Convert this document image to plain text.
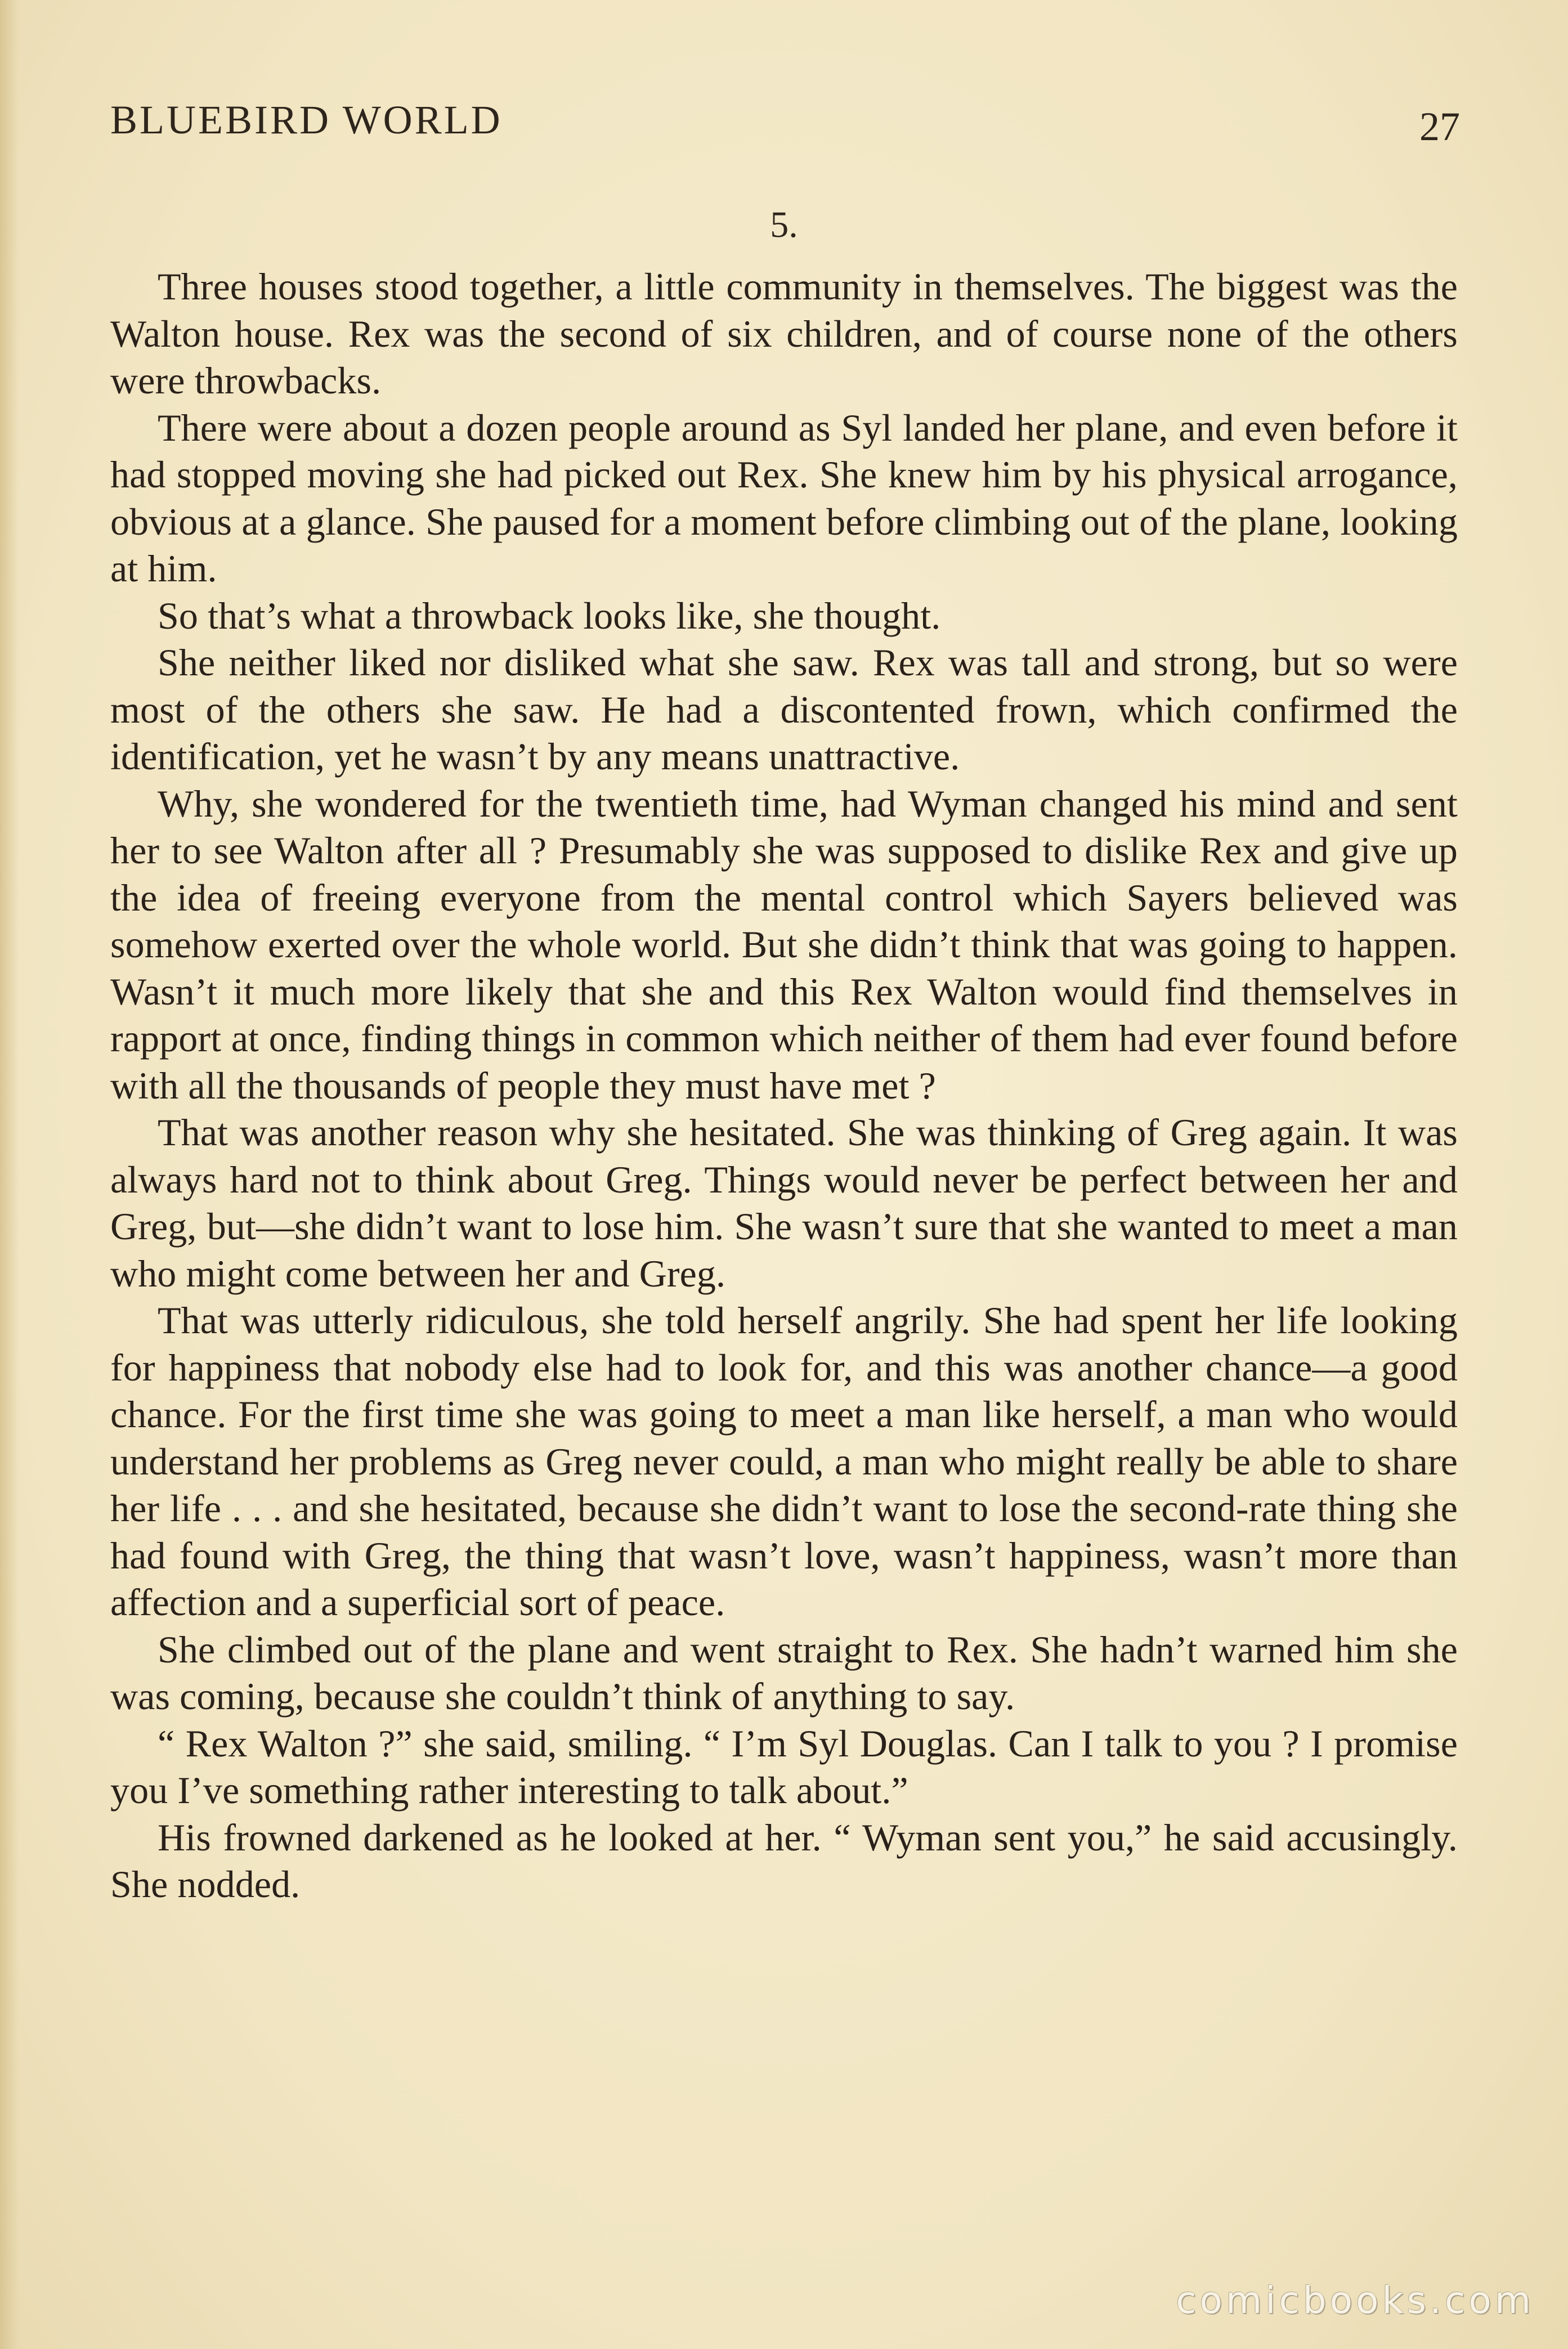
BLUEBIRD WORLD	27
5.

Three houses stood together, a little community in themselves. The biggest was the Walton house. Rex was the second of six children, and of course none of the others were throwbacks.

There were about a dozen people around as Syl landed her plane, and even before it had stopped moving she had picked out Rex. She knew him by his physical arrogance, obvious at a glance. She paused for a moment before climbing out of the plane, looking at him.

So that’s what a throwback looks like, she thought.

She neither liked nor disliked what she saw. Rex was tall and strong, but so were most of the others she saw. He had a discontented frown, which confirmed the identification, yet he wasn’t by any means unattractive.

Why, she wondered for the twentieth time, had Wyman changed his mind and sent her to see Walton after all ? Presumably she was supposed to dislike Rex and give up the idea of freeing everyone from the mental control which Sayers believed was somehow exerted over the whole world. But she didn’t think that was going to happen. Wasn’t it much more likely that she and this Rex Walton would find themselves in rapport at once, finding things in common which neither of them had ever found before with all the thousands of people they must have met ?

That was another reason why she hesitated. She was thinking of Greg again. It was always hard not to think about Greg. Things would never be perfect between her and Greg, but—she didn’t want to lose him. She wasn’t sure that she wanted to meet a man who might come between her and Greg.

That was utterly ridiculous, she told herself angrily. She had spent her life looking for happiness that nobody else had to look for, and this was another chance—a good chance. For the first time she was going to meet a man like herself, a man who would understand her problems as Greg never could, a man who might really be able to share her life . . . and she hesitated, because she didn’t want to lose the second-rate thing she had found with Greg, the thing that wasn’t love, wasn’t happiness, wasn’t more than affection and a superficial sort of peace.

She climbed out of the plane and went straight to Rex. She hadn’t warned him she was coming, because she couldn’t think of anything to say.

“ Rex Walton ?” she said, smiling. “ I’m Syl Douglas. Can I talk to you ? I promise you I’ve something rather interesting to talk about.”

His frowned darkened as he looked at her. “ Wyman sent you,” he said accusingly. She nodded.

comicbooks.com
